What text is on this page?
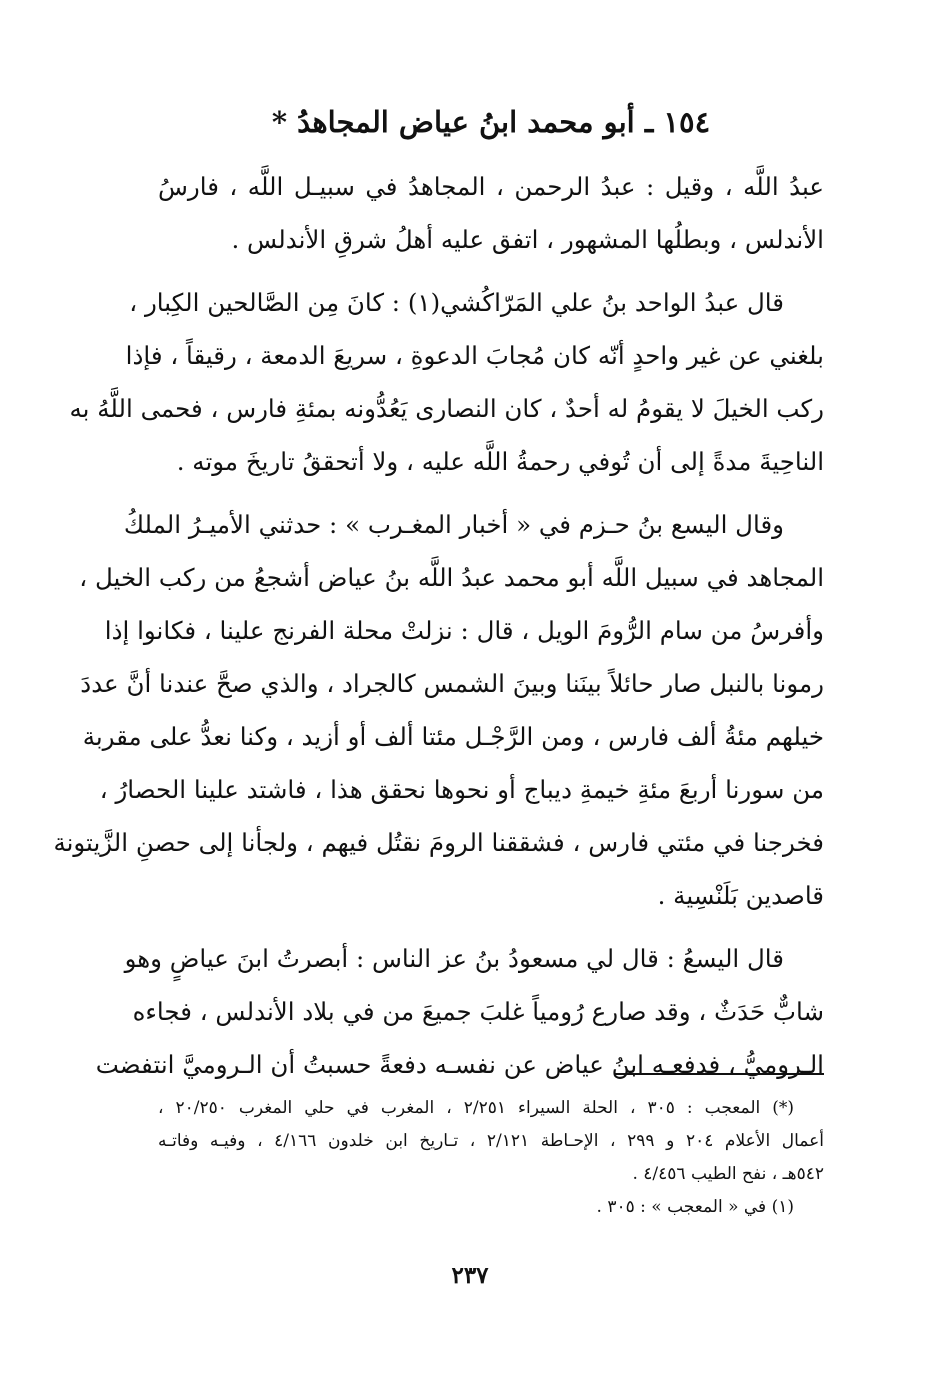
١٥٤ ـ أبو محمد ابنُ عياض المجاهدُ *
عبدُ اللَّه ، وقيل : عبدُ الرحمن ، المجاهدُ في سبيـل اللَّه ، فارسُ
الأندلس ، وبطلُها المشهور ، اتفق عليه أهلُ شرقِ الأندلس .
قال عبدُ الواحد بنُ علي المَرّاكُشي(١) : كانَ مِن الصَّالحين الكِبار ،
بلغني عن غير واحدٍ أنّه كان مُجابَ الدعوةِ ، سريعَ الدمعة ، رقيقاً ، فإذا
ركب الخيلَ لا يقومُ له أحدٌ ، كان النصارى يَعُدُّونه بمئةِ فارس ، فحمى اللَّهُ به
الناحِيةَ مدةً إلى أن تُوفي رحمةُ اللَّه عليه ، ولا أتحققُ تاريخَ موته .
وقال اليسع بنُ حـزم في « أخبار المغـرب » : حدثني الأميـرُ الملكُ
المجاهد في سبيل اللَّه أبو محمد عبدُ اللَّه بنُ عياض أشجعُ من ركب الخيل ،
وأفرسُ من سام الرُّومَ الويل ، قال : نزلتْ محلة الفرنج علينا ، فكانوا إذا
رمونا بالنبل صار حائلاً بينَنا وبينَ الشمس كالجراد ، والذي صحَّ عندنا أنَّ عددَ
خيلهم مئةُ ألف فارس ، ومن الرَّجْـل مئتا ألف أو أزيد ، وكنا نعدُّ على مقربة
من سورنا أربعَ مئةِ خيمةِ ديباج أو نحوها نحقق هذا ، فاشتد علينا الحصارُ ،
فخرجنا في مئتي فارس ، فشققنا الرومَ نقتُل فيهم ، ولجأنا إلى حصنِ الزَّيتونة
قاصدين بَلَنْسِية .
قال اليسعُ : قال لي مسعودُ بنُ عز الناس : أبصرتُ ابنَ عياضٍ وهو
شابٌّ حَدَثٌ ، وقد صارع رُومياً غلبَ جميعَ من في بلاد الأندلس ، فجاءه
الـروميُّ ، فدفعـه ابنُ عياض عن نفسـه دفعةً حسبتُ أن الـروميَّ انتفضت
(*) المعجب : ٣٠٥ ، الحلة السيراء ٢/٢٥١ ، المغرب في حلي المغرب ٢٠/٢٥٠ ،
أعمال الأعلام ٢٠٤ و ٢٩٩ ، الإحـاطة ٢/١٢١ ، تـاريخ ابن خلدون ٤/١٦٦ ، وفيـه وفاتـه
٥٤٢هـ ، نفح الطيب ٤/٤٥٦ .
(١) في « المعجب » : ٣٠٥ .
٢٣٧
